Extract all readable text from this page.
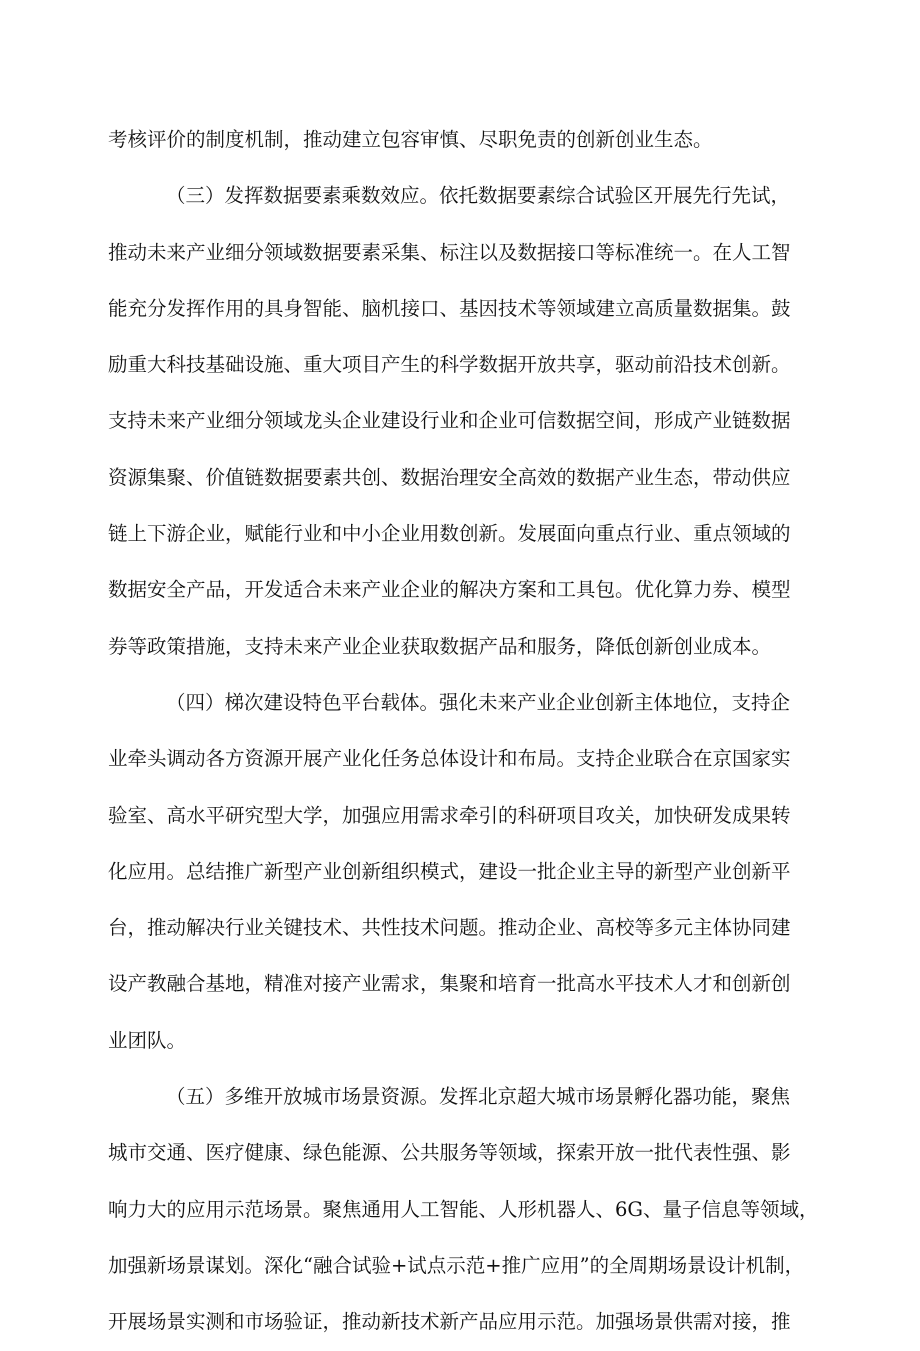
考核评价的制度机制，推动建立包容审慎、尽职免责的创新创业生态。
（三）发挥数据要素乘数效应。依托数据要素综合试验区开展先行先试，
推动未来产业细分领域数据要素采集、标注以及数据接口等标准统一。在人工智
能充分发挥作用的具身智能、脑机接口、基因技术等领域建立高质量数据集。鼓
励重大科技基础设施、重大项目产生的科学数据开放共享，驱动前沿技术创新。
支持未来产业细分领域龙头企业建设行业和企业可信数据空间，形成产业链数据
资源集聚、价值链数据要素共创、数据治理安全高效的数据产业生态，带动供应
链上下游企业，赋能行业和中小企业用数创新。发展面向重点行业、重点领域的
数据安全产品，开发适合未来产业企业的解决方案和工具包。优化算力券、模型
券等政策措施，支持未来产业企业获取数据产品和服务，降低创新创业成本。
（四）梯次建设特色平台载体。强化未来产业企业创新主体地位，支持企
业牵头调动各方资源开展产业化任务总体设计和布局。支持企业联合在京国家实
验室、高水平研究型大学，加强应用需求牵引的科研项目攻关，加快研发成果转
化应用。总结推广新型产业创新组织模式，建设一批企业主导的新型产业创新平
台，推动解决行业关键技术、共性技术问题。推动企业、高校等多元主体协同建
设产教融合基地，精准对接产业需求，集聚和培育一批高水平技术人才和创新创
业团队。
（五）多维开放城市场景资源。发挥北京超大城市场景孵化器功能，聚焦
城市交通、医疗健康、绿色能源、公共服务等领域，探索开放一批代表性强、影
响力大的应用示范场景。聚焦通用人工智能、人形机器人、6G、量子信息等领域，
加强新场景谋划。深化“融合试验+试点示范+推广应用”的全周期场景设计机制，
开展场景实测和市场验证，推动新技术新产品应用示范。加强场景供需对接，推
